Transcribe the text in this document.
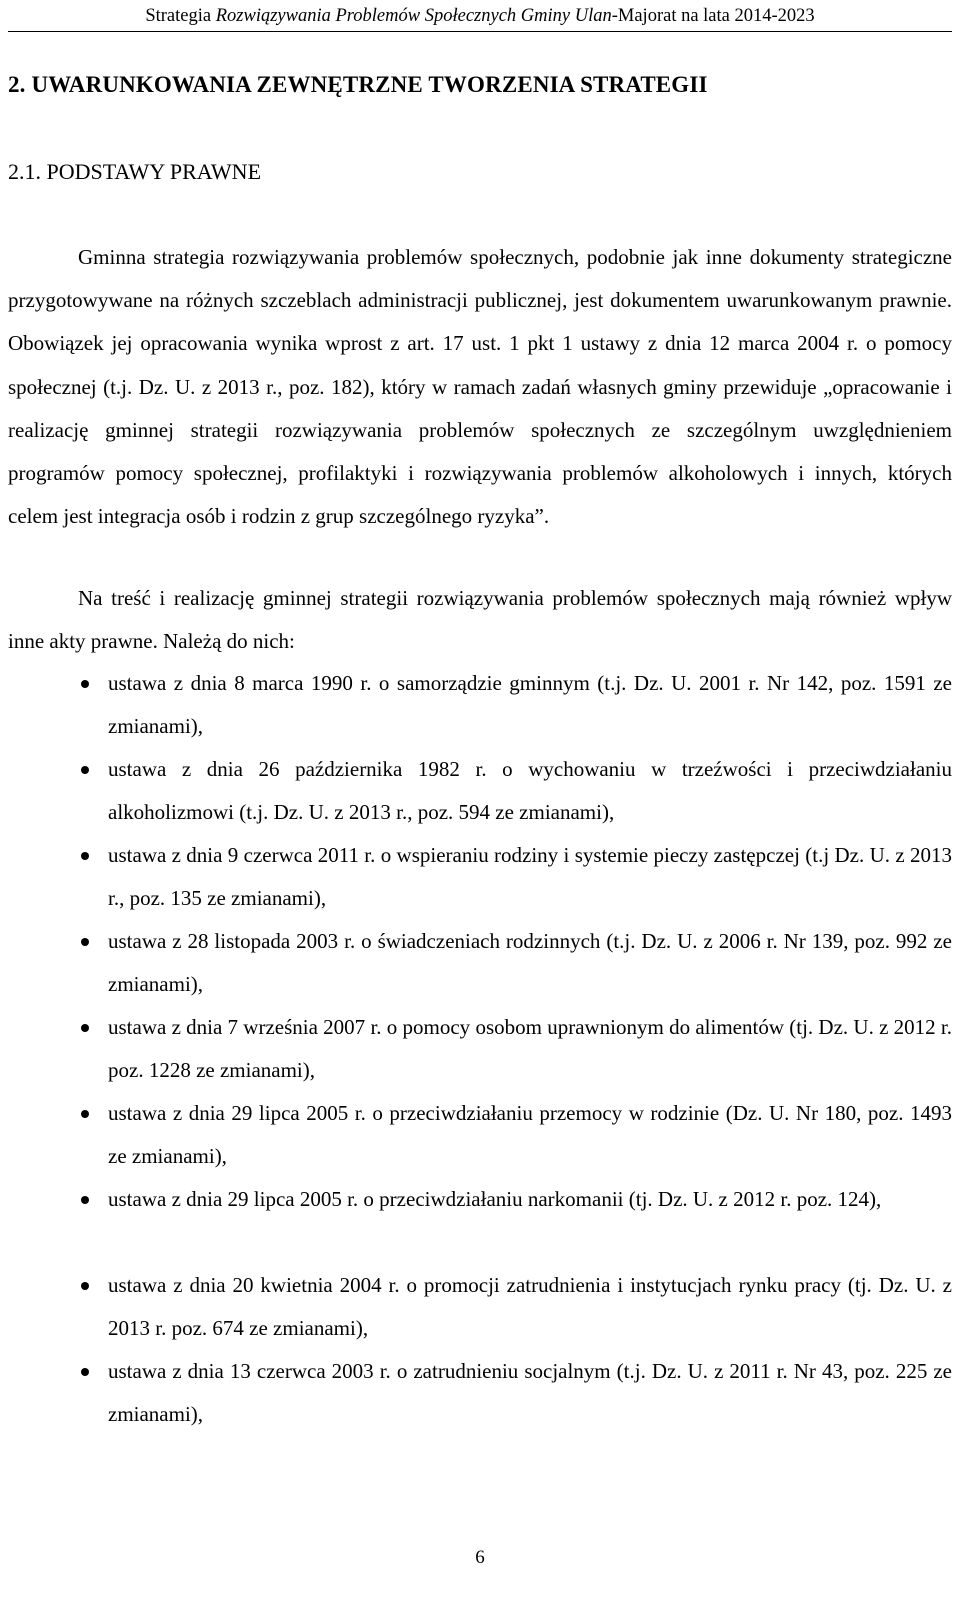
Strategia Rozwiązywania Problemów Społecznych Gminy Ulan-Majorat na lata 2014-2023
2. UWARUNKOWANIA ZEWNĘTRZNE TWORZENIA STRATEGII
2.1. PODSTAWY PRAWNE

Gminna strategia rozwiązywania problemów społecznych, podobnie jak inne dokumenty strategiczne przygotowywane na różnych szczeblach administracji publicznej, jest dokumentem uwarunkowanym prawnie. Obowiązek jej opracowania wynika wprost z art. 17 ust. 1 pkt 1 ustawy z dnia 12 marca 2004 r. o pomocy społecznej (t.j. Dz. U. z 2013 r., poz. 182), który w ramach zadań własnych gminy przewiduje „opracowanie i realizację gminnej strategii rozwiązywania problemów społecznych ze szczególnym uwzględnieniem programów pomocy społecznej, profilaktyki i rozwiązywania problemów alkoholowych i innych, których celem jest integracja osób i rodzin z grup szczególnego ryzyka”.

Na treść i realizację gminnej strategii rozwiązywania problemów społecznych mają również wpływ inne akty prawne. Należą do nich:

ustawa z dnia 8 marca 1990 r. o samorządzie gminnym (t.j. Dz. U. 2001 r. Nr 142, poz. 1591 ze zmianami),
ustawa z dnia 26 października 1982 r. o wychowaniu w trzeźwości i przeciwdziałaniu alkoholizmowi (t.j. Dz. U. z 2013 r., poz. 594 ze zmianami),
ustawa z dnia 9 czerwca 2011 r. o wspieraniu rodziny i systemie pieczy zastępczej (t.j Dz. U. z 2013 r., poz. 135 ze zmianami),
ustawa z 28 listopada 2003 r. o świadczeniach rodzinnych (t.j. Dz. U. z 2006 r. Nr 139, poz. 992 ze zmianami),
ustawa z dnia 7 września 2007 r. o pomocy osobom uprawnionym do alimentów (tj. Dz. U. z 2012 r. poz. 1228 ze zmianami),
ustawa z dnia 29 lipca 2005 r. o przeciwdziałaniu przemocy w rodzinie (Dz. U. Nr 180, poz. 1493 ze zmianami),
ustawa z dnia 29 lipca 2005 r. o przeciwdziałaniu narkomanii (tj. Dz. U. z 2012 r. poz. 124),
ustawa z dnia 20 kwietnia 2004 r. o promocji zatrudnienia i instytucjach rynku pracy (tj. Dz. U. z 2013 r. poz. 674 ze zmianami),
ustawa z dnia 13 czerwca 2003 r. o zatrudnieniu socjalnym (t.j. Dz. U. z 2011 r. Nr 43, poz. 225 ze zmianami),
6
